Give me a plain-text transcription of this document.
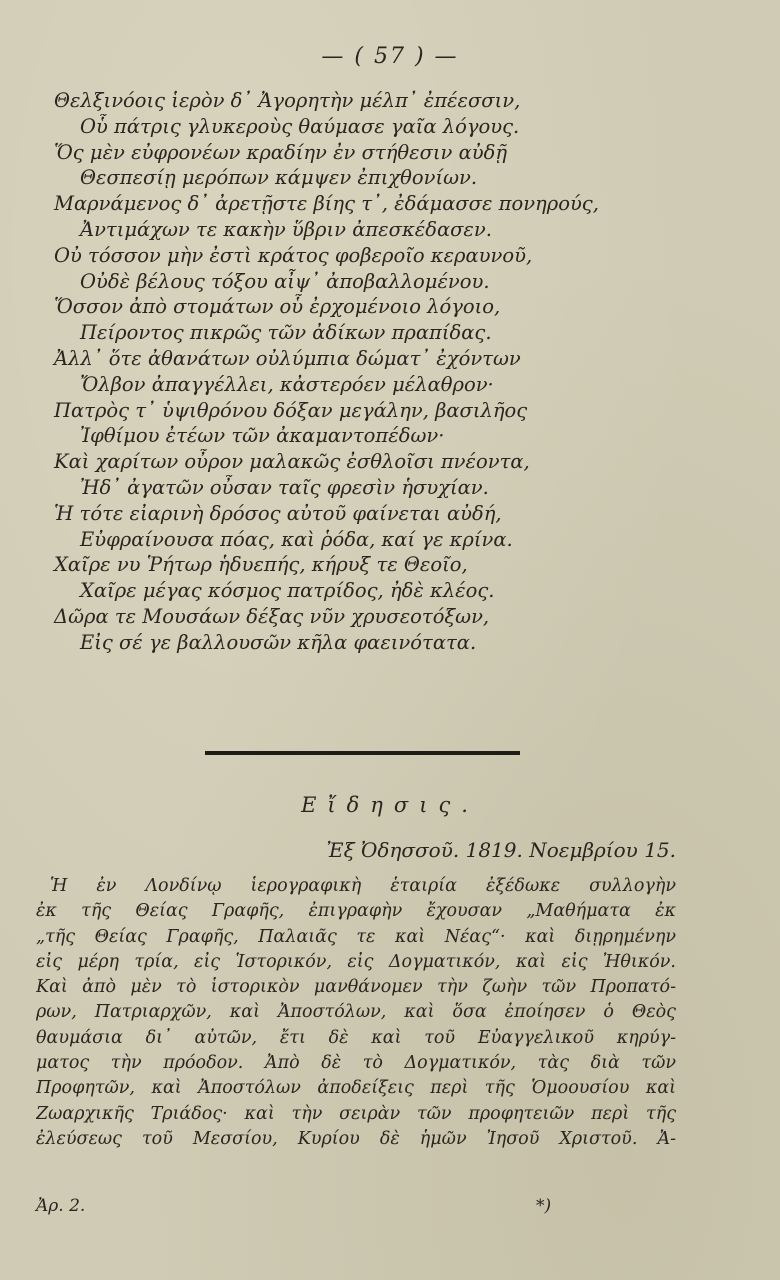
— ( 57 ) —
Θελξινόοις ἱερὸν δ᾽ Ἀγορητὴν μέλπ᾽ ἐπέεσσιν,
Οὗ πάτρις γλυκεροὺς θαύμασε γαῖα λόγους.
Ὅς μὲν εὐφρονέων κραδίην ἐν στήθεσιν αὐδῇ
Θεσπεσίῃ μερόπων κάμψεν ἐπιχθονίων.
Μαρνάμενος δ᾽ ἀρετῇστε βίης τ᾽, ἐδάμασσε πονηρούς,
Ἀντιμάχων τε κακὴν ὕβριν ἀπεσκέδασεν.
Οὐ τόσσον μὴν ἐστὶ κράτος φοβεροῖο κεραυνοῦ,
Οὐδὲ βέλους τόξου αἶψ᾽ ἀποβαλλομένου.
Ὅσσον ἀπὸ στομάτων οὗ ἐρχομένοιο λόγοιο,
Πείροντος πικρῶς τῶν ἀδίκων πραπίδας.
Ἀλλ᾽ ὅτε ἀθανάτων οὐλύμπια δώματ᾽ ἐχόντων
Ὄλβον ἀπαγγέλλει, κἀστερόεν μέλαθρον·
Πατρὸς τ᾽ ὑψιθρόνου δόξαν μεγάλην, βασιλῆος
Ἰφθίμου ἐτέων τῶν ἀκαμαντοπέδων·
Καὶ χαρίτων οὖρον μαλακῶς ἐσθλοῖσι πνέοντα,
Ἠδ᾽ ἀγατῶν οὖσαν ταῖς φρεσὶν ἡσυχίαν.
Ἡ τότε εἰαρινὴ δρόσος αὐτοῦ φαίνεται αὐδή,
Εὐφραίνουσα πόας, καὶ ῥόδα, καί γε κρίνα.
Χαῖρε νυ Ῥήτωρ ἡδυεπής, κήρυξ τε Θεοῖο,
Χαῖρε μέγας κόσμος πατρίδος, ἠδὲ κλέος.
Δῶρα τε Μουσάων δέξας νῦν χρυσεοτόξων,
Εἰς σέ γε βαλλουσῶν κῆλα φαεινότατα.
Εἴδησις.
Ἐξ Ὀδησσοῦ. 1819. Νοεμβρίου 15.
Ἡ ἐν Λονδίνῳ ἱερογραφικὴ ἑταιρία ἐξέδωκε συλλογὴν
ἐκ τῆς Θείας Γραφῆς, ἐπιγραφὴν ἔχουσαν „Μαθήματα ἐκ
„τῆς Θείας Γραφῆς, Παλαιᾶς τε καὶ Νέας“· καὶ διῃρημένην
εἰς μέρη τρία, εἰς Ἱστορικόν, εἰς Δογματικόν, καὶ εἰς Ἠθικόν.
Καὶ ἀπὸ μὲν τὸ ἱστορικὸν μανθάνομεν τὴν ζωὴν τῶν Προπατό-
ρων, Πατριαρχῶν, καὶ Ἀποστόλων, καὶ ὅσα ἐποίησεν ὁ Θεὸς
θαυμάσια δι᾽ αὐτῶν, ἔτι δὲ καὶ τοῦ Εὐαγγελικοῦ κηρύγ-
ματος τὴν πρόοδον. Ἀπὸ δὲ τὸ Δογματικόν, τὰς διὰ τῶν
Προφητῶν, καὶ Ἀποστόλων ἀποδείξεις περὶ τῆς Ὁμοουσίου καὶ
Ζωαρχικῆς Τριάδος· καὶ τὴν σειρὰν τῶν προφητειῶν περὶ τῆς
ἐλεύσεως τοῦ Μεσσίου, Κυρίου δὲ ἡμῶν Ἰησοῦ Χριστοῦ. Ἀ-
Ἀρ. 2.	*)
